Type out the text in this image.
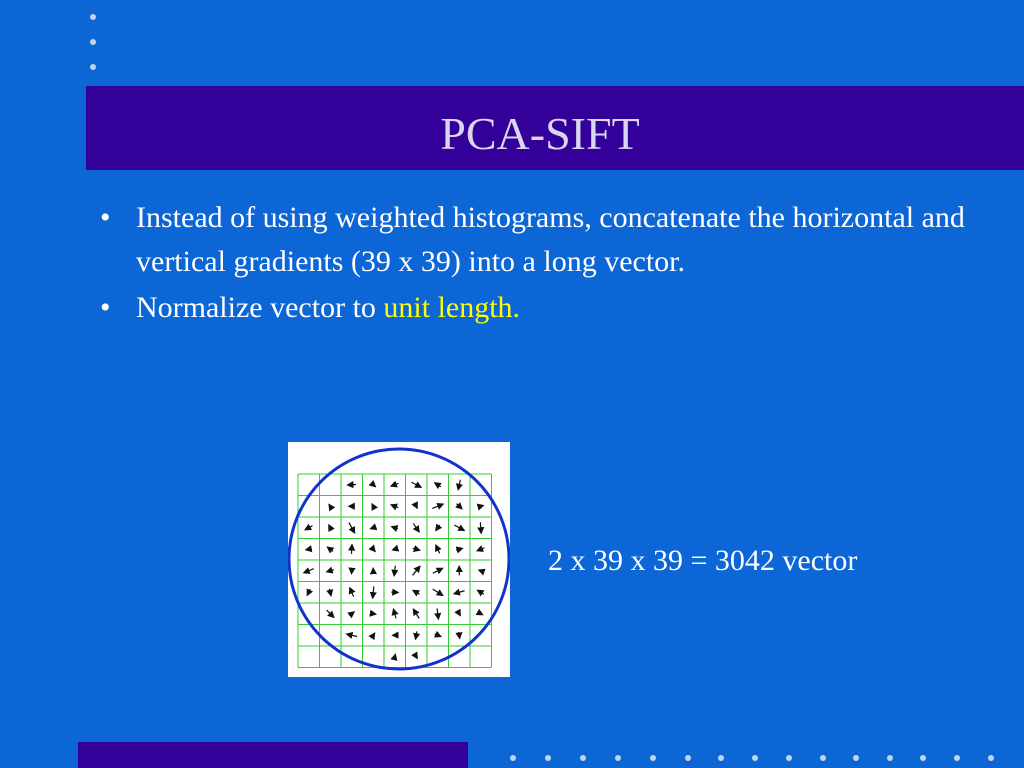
PCA-SIFT
• Instead of using weighted histograms, concatenate the horizontal and vertical gradients (39 x 39) into a long vector.
• Normalize vector to unit length.
2 x 39 x 39 = 3042 vector
